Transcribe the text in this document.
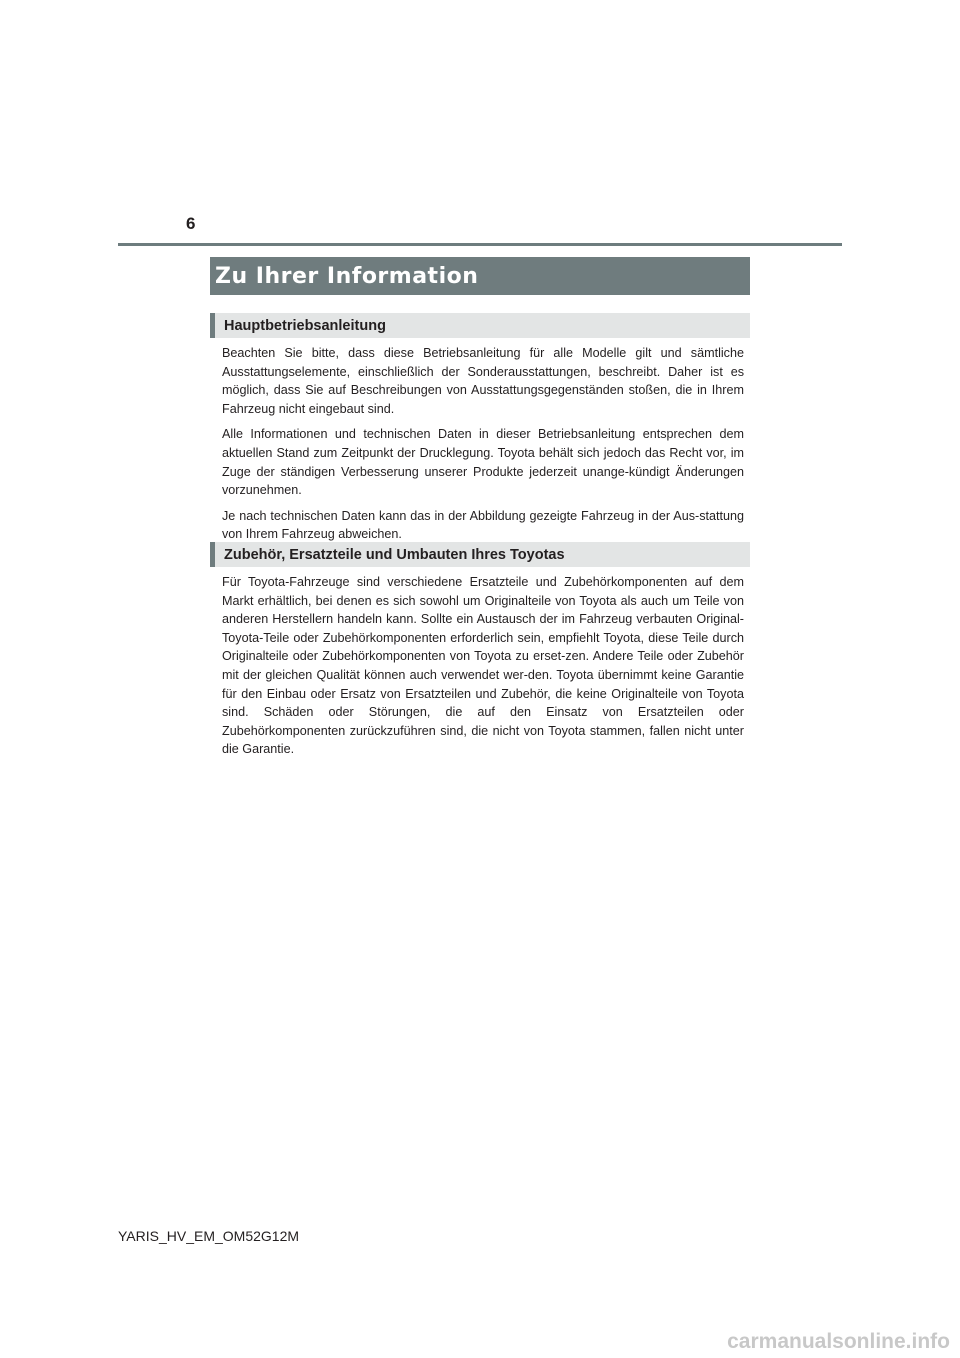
6
Zu Ihrer Information
Hauptbetriebsanleitung

Beachten Sie bitte, dass diese Betriebsanleitung für alle Modelle gilt und sämtliche Ausstattungselemente, einschließlich der Sonderausstattungen, beschreibt. Daher ist es möglich, dass Sie auf Beschreibungen von Ausstattungsgegenständen stoßen, die in Ihrem Fahrzeug nicht eingebaut sind.

Alle Informationen und technischen Daten in dieser Betriebsanleitung entsprechen dem aktuellen Stand zum Zeitpunkt der Drucklegung. Toyota behält sich jedoch das Recht vor, im Zuge der ständigen Verbesserung unserer Produkte jederzeit unange-kündigt Änderungen vorzunehmen.

Je nach technischen Daten kann das in der Abbildung gezeigte Fahrzeug in der Aus-stattung von Ihrem Fahrzeug abweichen.

Zubehör, Ersatzteile und Umbauten Ihres Toyotas

Für Toyota-Fahrzeuge sind verschiedene Ersatzteile und Zubehörkomponenten auf dem Markt erhältlich, bei denen es sich sowohl um Originalteile von Toyota als auch um Teile von anderen Herstellern handeln kann. Sollte ein Austausch der im Fahrzeug verbauten Original-Toyota-Teile oder Zubehörkomponenten erforderlich sein, empfiehlt Toyota, diese Teile durch Originalteile oder Zubehörkomponenten von Toyota zu erset-zen. Andere Teile oder Zubehör mit der gleichen Qualität können auch verwendet wer-den. Toyota übernimmt keine Garantie für den Einbau oder Ersatz von Ersatzteilen und Zubehör, die keine Originalteile von Toyota sind. Schäden oder Störungen, die auf den Einsatz von Ersatzteilen oder Zubehörkomponenten zurückzuführen sind, die nicht von Toyota stammen, fallen nicht unter die Garantie.

YARIS_HV_EM_OM52G12M
carmanualsonline.info
